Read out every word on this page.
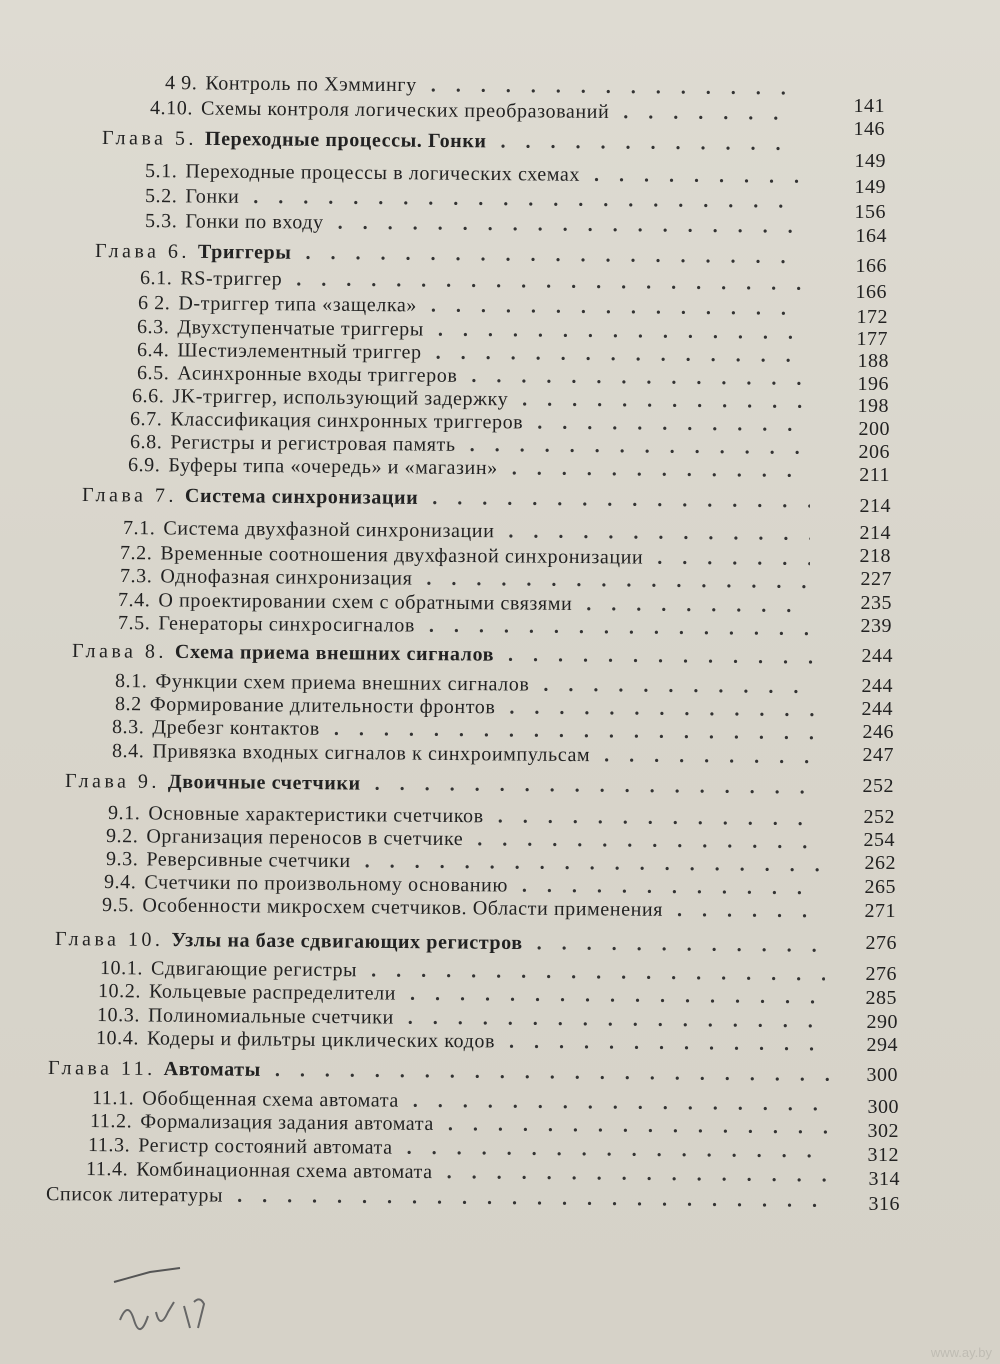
4 9. Контроль по Хэммингу
.....
4.10. Схемы контроля логических преобразований
.....
Глава 5. Переходные процессы. Гонки
.....
5.1. Переходные процессы в логических схемах
.....
5.2. Гонки
.....
5.3. Гонки по входу
.....
Глава 6. Триггеры
.....
6.1. RS-триггер
.....
6 2. D-триггер типа «защелка»
.....
6.3. Двухступенчатые триггеры
.....
6.4. Шестиэлементный триггер
.....
6.5. Асинхронные входы триггеров
.....
6.6. JK-триггер, использующий задержку
.....
6.7. Классификация синхронных триггеров
.....
6.8. Регистры и регистровая память
.....
6.9. Буферы типа «очередь» и «магазин»
.....
Глава 7. Система синхронизации
.....
7.1. Система двухфазной синхронизации
.....
7.2. Временные соотношения двухфазной синхронизации
.....
7.3. Однофазная синхронизация
.....
7.4. О проектировании схем с обратными связями
.....
7.5. Генераторы синхросигналов
.....
Глава 8. Схема приема внешних сигналов
.....
8.1. Функции схем приема внешних сигналов
.....
8.2 Формирование длительности фронтов
.....
8.3. Дребезг контактов
.....
8.4. Привязка входных сигналов к синхроимпульсам
.....
Глава 9. Двоичные счетчики
.....
9.1. Основные характеристики счетчиков
.....
9.2. Организация переносов в счетчике
.....
9.3. Реверсивные счетчики
.....
9.4. Счетчики по произвольному основанию
.....
9.5. Особенности микросхем счетчиков. Области применения
.....
Глава 10. Узлы на базе сдвигающих регистров
.....
10.1. Сдвигающие регистры
.....
10.2. Кольцевые распределители
.....
10.3. Полиномиальные счетчики
.....
10.4. Кодеры и фильтры циклических кодов
.....
Глава 11. Автоматы
.....
11.1. Обобщенная схема автомата
.....
11.2. Формализация задания автомата
.....
11.3. Регистр состояний автомата
.....
11.4. Комбинационная схема автомата
.....
Список литературы
.....
141
146
149
149
156
164
166
166
172
177
188
196
198
200
206
211
214
214
218
227
235
239
244
244
244
246
247
252
252
254
262
265
271
276
276
285
290
294
300
300
302
312
314
316
www.ay.by
